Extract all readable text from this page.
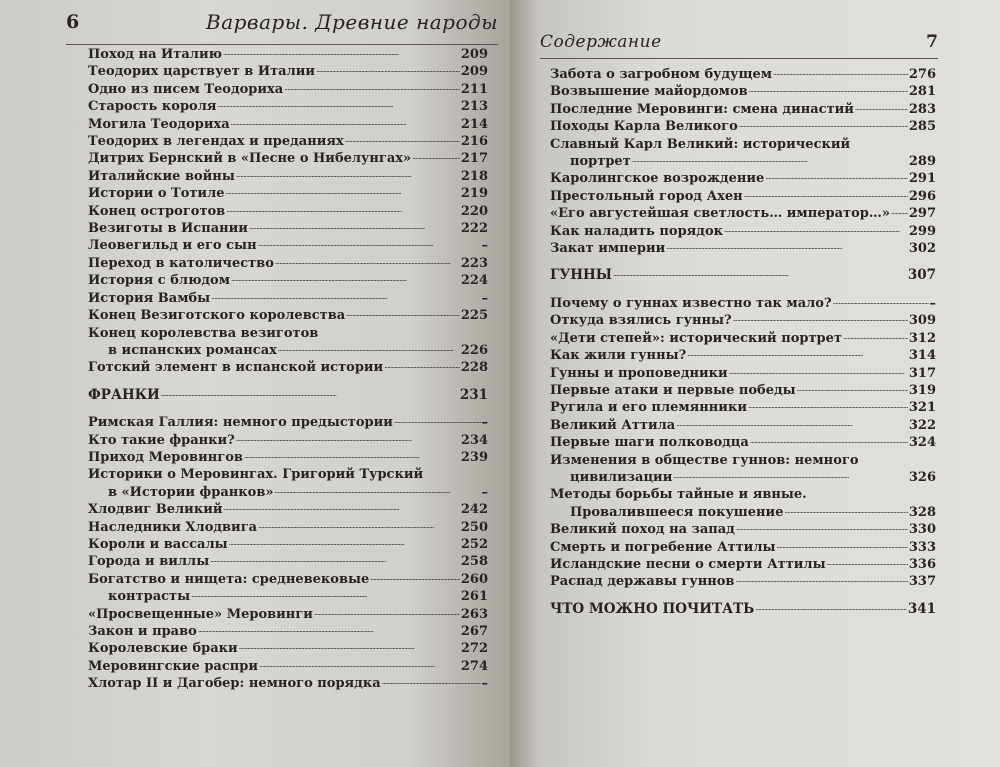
6	Варвары. Древние народы
Поход на Италию . . .	209
Теодорих царствует в Италии . . .	209
Одно из писем Теодориха . . .	211
Старость короля . . .	213
Могила Теодориха . . .	214
Теодорих в легендах и преданиях . . .	216
Дитрих Бернский в «Песне о Нибелунгах» . . .	217
Италийские войны . . .	218
Истории о Тотиле . . .	219
Конец остроготов . . .	220
Везиготы в Испании . . .	222
Леовегильд и его сын . . .	–
Переход в католичество . . .	223
История с блюдом . . .	224
История Вамбы . . .	–
Конец Везиготского королевства . . .	225
Конец королевства везиготов
в испанских романсах . . .	226
Готский элемент в испанской истории . . .	228
ФРАНКИ . . .	231
Римская Галлия: немного предыстории . . .	–
Кто такие франки? . . .	234
Приход Меровингов . . .	239
Историки о Меровингах. Григорий Турский
в «Истории франков» . . .	–
Хлодвиг Великий . . .	242
Наследники Хлодвига . . .	250
Короли и вассалы . . .	252
Города и виллы . . .	258
Богатство и нищета: средневековые . . .	260
контрасты . . .	261
«Просвещенные» Меровинги . . .	263
Закон и право . . .	267
Королевские браки . . .	272
Меровингские распри . . .	274
Хлотар II и Дагобер: немного порядка . . .	–
Содержание	7
Забота о загробном будущем . . .	276
Возвышение майордомов . . .	281
Последние Меровинги: смена династий . . .	283
Походы Карла Великого . . .	285
Славный Карл Великий: исторический
портрет . . .	289
Каролингское возрождение . . .	291
Престольный город Ахен . . .	296
«Его августейшая светлость… император…» . . . 297
Как наладить порядок . . .	299
Закат империи . . .	302
ГУННЫ . . .	307
Почему о гуннах известно так мало? . . .	–
Откуда взялись гунны? . . .	309
«Дети степей»: исторический портрет . . .	312
Как жили гунны? . . .	314
Гунны и проповедники . . .	317
Первые атаки и первые победы . . .	319
Ругила и его племянники . . .	321
Великий Аттила . . .	322
Первые шаги полководца . . .	324
Изменения в обществе гуннов: немного
цивилизации . . .	326
Методы борьбы тайные и явные.
Провалившееся покушение . . .	328
Великий поход на запад . . .	330
Смерть и погребение Аттилы . . .	333
Исландские песни о смерти Аттилы . . .	336
Распад державы гуннов . . .	337
ЧТО МОЖНО ПОЧИТАТЬ . . .	341
